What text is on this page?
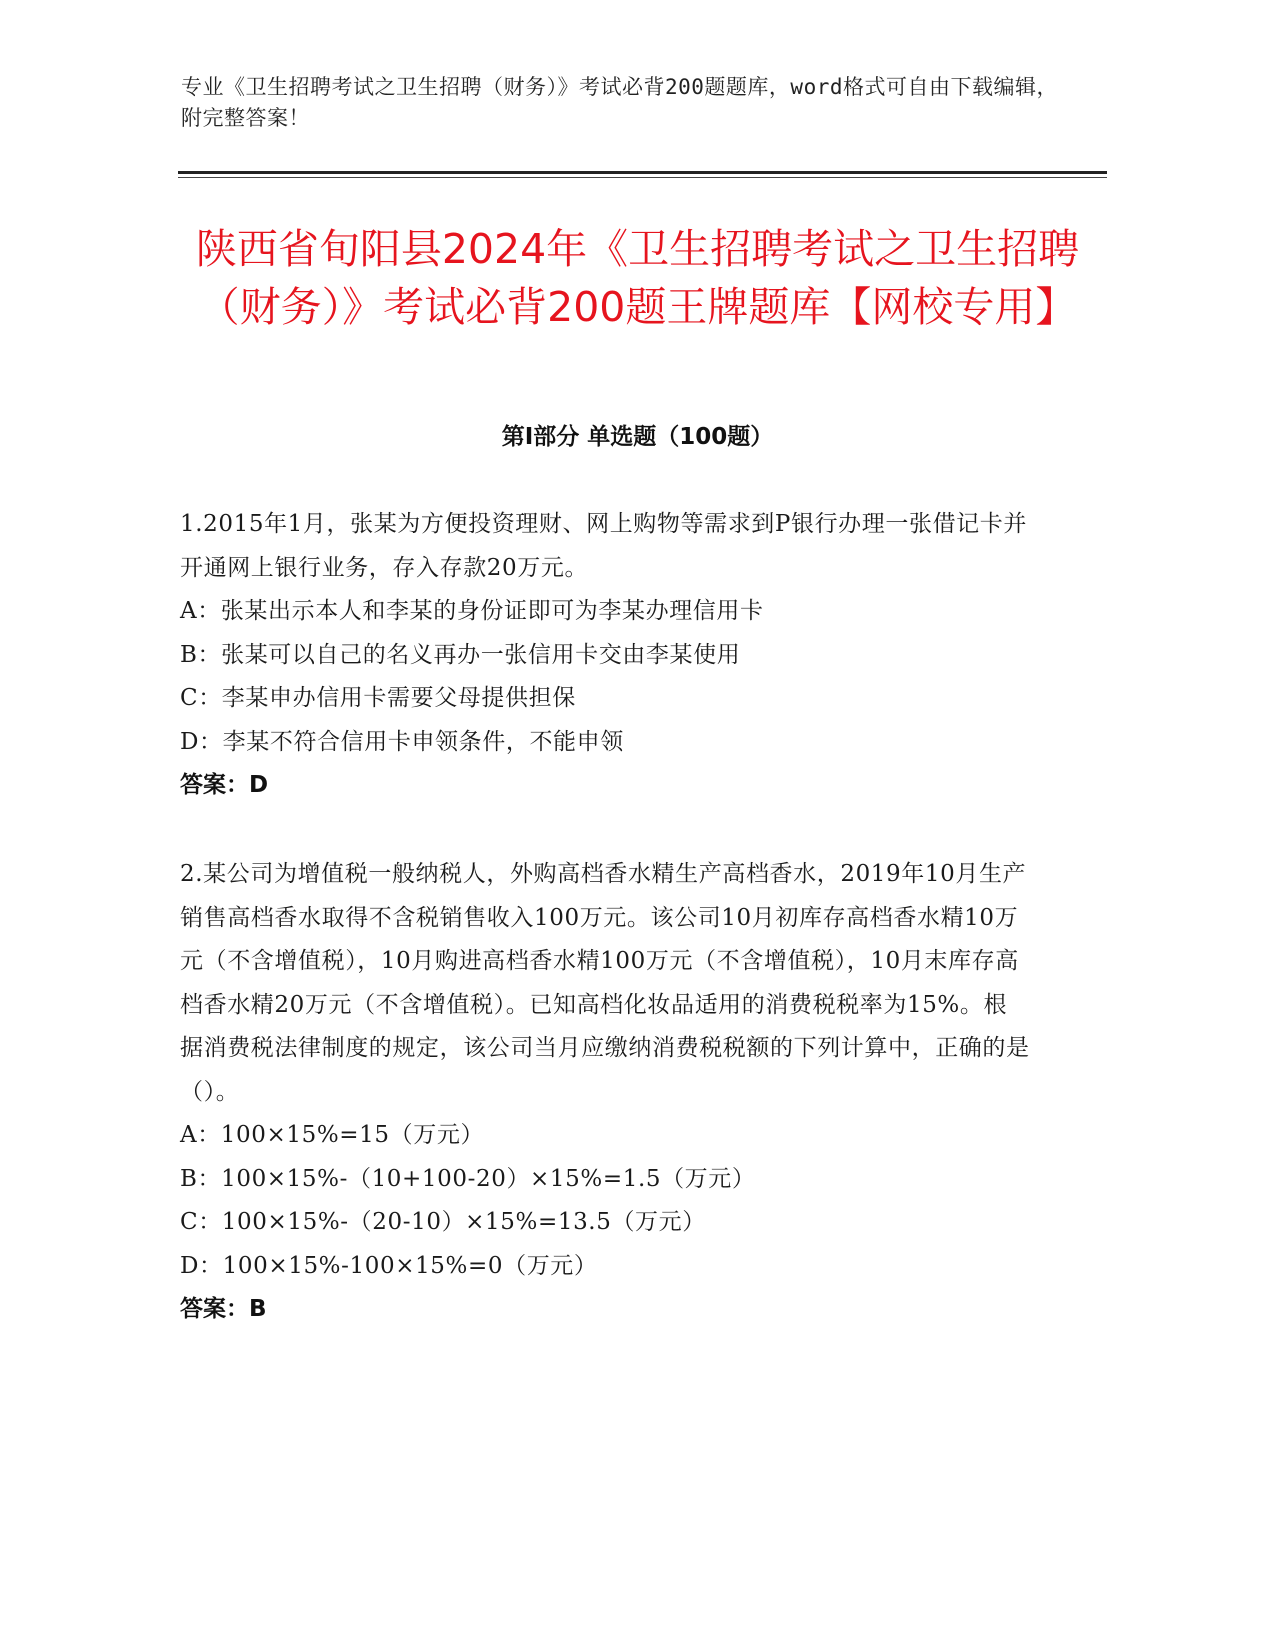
专业《卫生招聘考试之卫生招聘（财务）》考试必背200题题库，word格式可自由下载编辑，附完整答案！
陕西省旬阳县2024年《卫生招聘考试之卫生招聘（财务）》考试必背200题王牌题库【网校专用】
第Ⅰ部分 单选题（100题）
1.2015年1月，张某为方便投资理财、网上购物等需求到P银行办理一张借记卡并开通网上银行业务，存入存款20万元。
A：张某出示本人和李某的身份证即可为李某办理信用卡
B：张某可以自己的名义再办一张信用卡交由李某使用
C：李某申办信用卡需要父母提供担保
D：李某不符合信用卡申领条件，不能申领
答案：D
2.某公司为增值税一般纳税人，外购高档香水精生产高档香水，2019年10月生产销售高档香水取得不含税销售收入100万元。该公司10月初库存高档香水精10万元（不含增值税），10月购进高档香水精100万元（不含增值税），10月末库存高档香水精20万元（不含增值税）。已知高档化妆品适用的消费税税率为15%。根据消费税法律制度的规定，该公司当月应缴纳消费税税额的下列计算中，正确的是（）。
A：100×15%=15（万元）
B：100×15%-（10+100-20）×15%=1.5（万元）
C：100×15%-（20-10）×15%=13.5（万元）
D：100×15%-100×15%=0（万元）
答案：B
